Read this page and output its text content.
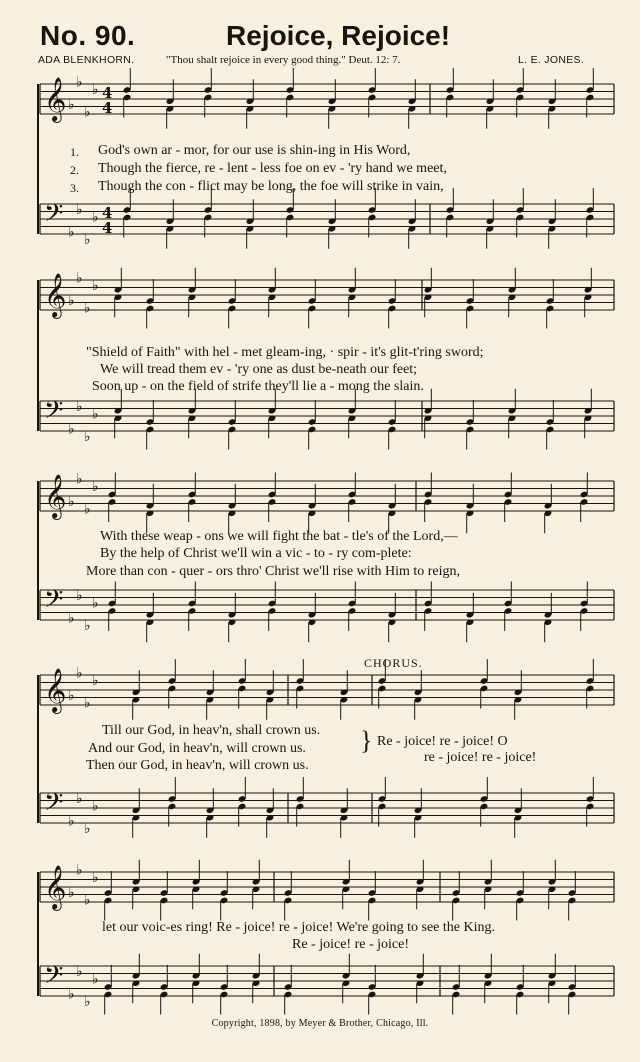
No. 90.	Rejoice, Rejoice!
ADA BLENKHORN.	"Thou shalt rejoice in every good thing." Deut. 12: 7.	L. E. JONES.
𝄞 ♭
♭
♭
♭ 4
4
𝄢 ♭
♭
♭
♭ 4
4
𝄞 ♭
♭
♭
♭
𝄢 ♭
♭
♭
♭
𝄞 ♭
♭
♭
♭
𝄢 ♭
♭
♭
♭
𝄞 ♭
♭
♭
♭
𝄢 ♭
♭
♭
♭
𝄞 ♭
♭
♭
♭
𝄢 ♭
♭
♭
♭
1.
2.
3.
God's own ar - mor, for our use is shin-ing in His Word,
Though the fierce, re - lent - less foe on ev - 'ry hand we meet,
Though the con - flict may be long, the foe will strike in vain,
"Shield of Faith" with hel - met gleam-ing, · spir - it's glit-t'ring sword;
We will tread them ev - 'ry one as dust be-neath our feet;
Soon up - on the field of strife they'll lie a - mong the slain.
With these weap - ons we will fight the bat - tle's of the Lord,—
By the help of Christ we'll win a vic - to - ry com-plete:
More than con - quer - ors thro' Christ we'll rise with Him to reign,
CHORUS.
Till our God, in heav'n, shall crown us.
And our God, in heav'n, will crown us.
Then our God, in heav'n, will crown us.
} Re - joice! re - joice! O
re - joice! re - joice!
let our voic-es ring! Re - joice! re - joice! We're going to see the King.
Re - joice! re - joice!
Copyright, 1898, by Meyer & Brother, Chicago, Ill.
